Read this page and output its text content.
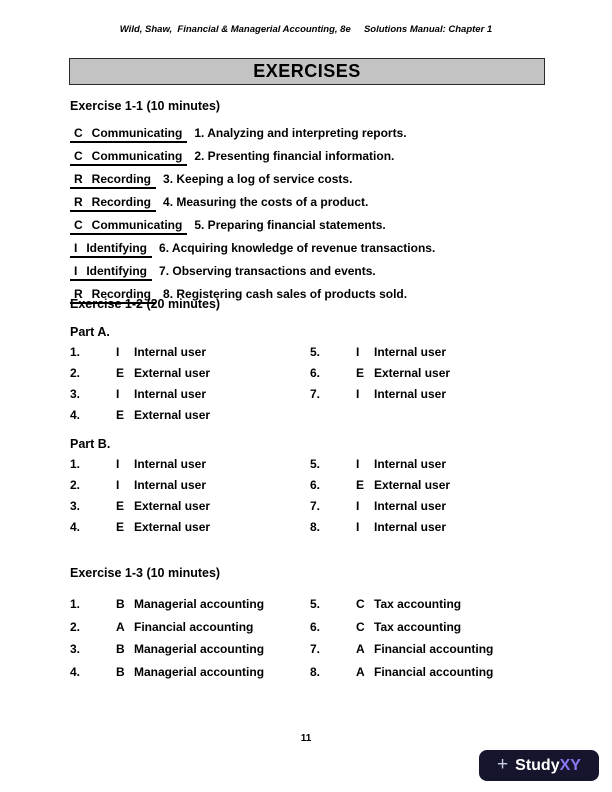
Wild, Shaw,  Financial & Managerial Accounting, 8e     Solutions Manual: Chapter 1
EXERCISES
Exercise 1-1 (10 minutes)
C Communicating	1. Analyzing and interpreting reports.
C Communicating	2. Presenting financial information.
R Recording	3. Keeping a log of service costs.
R Recording	4. Measuring the costs of a product.
C Communicating	5. Preparing financial statements.
I Identifying	6. Acquiring knowledge of revenue transactions.
I Identifying	7. Observing transactions and events.
R Recording	8. Registering cash sales of products sold.
Exercise 1-2 (20 minutes)
Part A.
1.	I	Internal user	5.	I	Internal user
2.	E External user	6.	E External user
3.	I	Internal user	7.	I	Internal user
4.	E External user
Part B.
1.	I	Internal user	5.	I	Internal user
2.	I	Internal user	6.	E External user
3.	E External user	7.	I	Internal user
4.	E External user	8.	I	Internal user
Exercise 1-3 (10 minutes)
1.	B Managerial accounting	5.	C Tax accounting
2.	A Financial accounting	6.	C Tax accounting
3.	B Managerial accounting	7.	A Financial accounting
4.	B Managerial accounting	8.	A Financial accounting
11
+ StudyXY
